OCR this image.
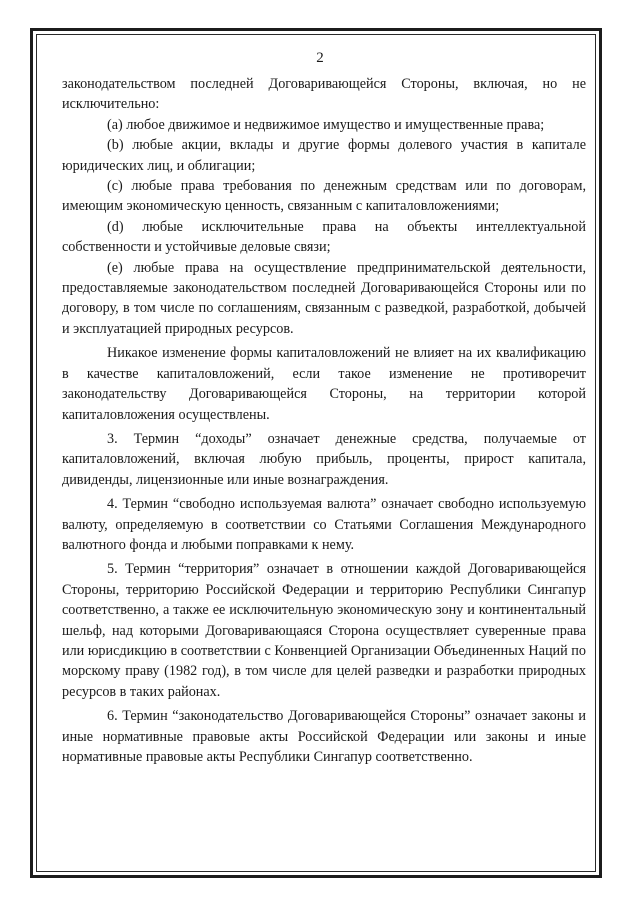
2

законодательством последней Договаривающейся Стороны, включая, но не исключительно:

(а) любое движимое и недвижимое имущество и имущественные права;

(b) любые акции, вклады и другие формы долевого участия в капитале юридических лиц, и облигации;

(c) любые права требования по денежным средствам или по договорам, имеющим экономическую ценность, связанным с капиталовложениями;

(d) любые исключительные права на объекты интеллектуальной собственности и устойчивые деловые связи;

(e) любые права на осуществление предпринимательской деятельности, предоставляемые законодательством последней Договаривающейся Стороны или по договору, в том числе по соглашениям, связанным с разведкой, разработкой, добычей и эксплуатацией природных ресурсов.

Никакое изменение формы капиталовложений не влияет на их квалификацию в качестве капиталовложений, если такое изменение не противоречит законодательству Договаривающейся Стороны, на территории которой капиталовложения осуществлены.

3. Термин “доходы” означает денежные средства, получаемые от капиталовложений, включая любую прибыль, проценты, прирост капитала, дивиденды, лицензионные или иные вознаграждения.

4. Термин “свободно используемая валюта” означает свободно используемую валюту, определяемую в соответствии со Статьями Соглашения Международного валютного фонда и любыми поправками к нему.

5. Термин “территория” означает в отношении каждой Договаривающейся Стороны, территорию Российской Федерации и территорию Республики Сингапур соответственно, а также ее исключительную экономическую зону и континентальный шельф, над которыми Договаривающаяся Сторона осуществляет суверенные права или юрисдикцию в соответствии с Конвенцией Организации Объединенных Наций по морскому праву (1982 год), в том числе для целей разведки и разработки природных ресурсов в таких районах.

6. Термин “законодательство Договаривающейся Стороны” означает законы и иные нормативные правовые акты Российской Федерации или законы и иные нормативные правовые акты Республики Сингапур соответственно.
